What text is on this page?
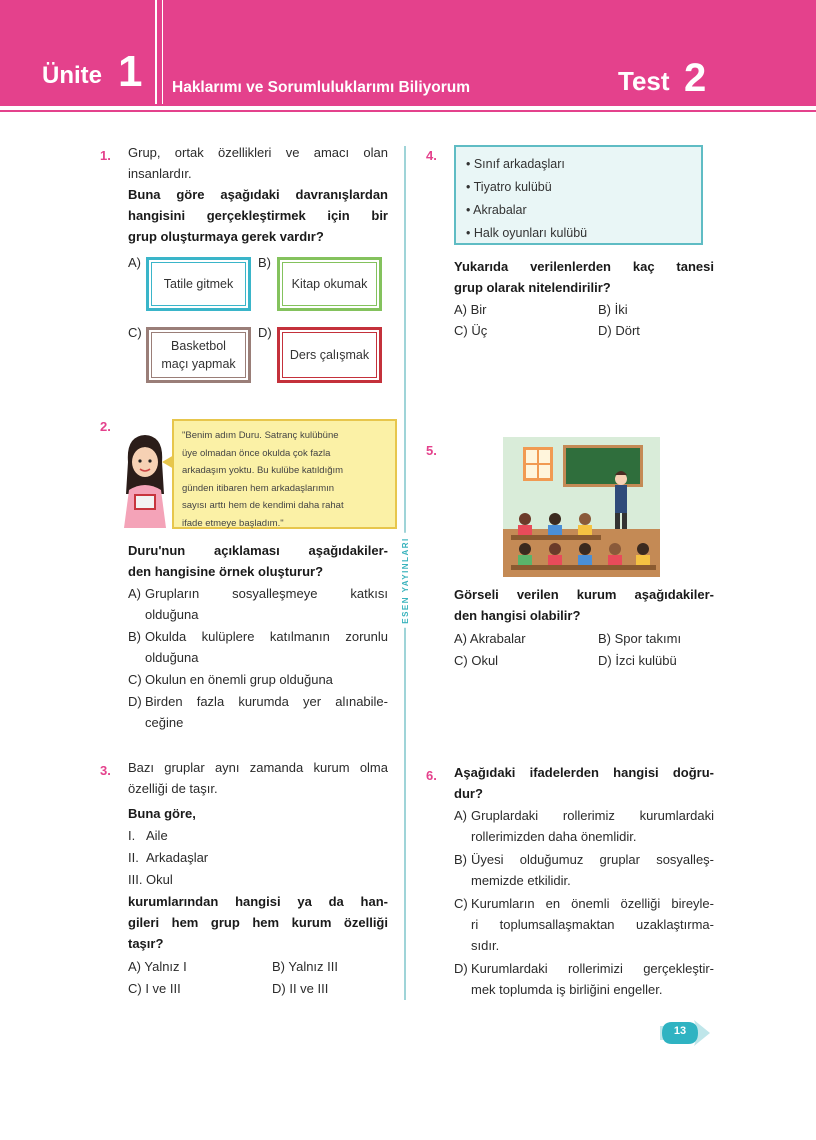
Ünite 1 Haklarımı ve Sorumluluklarımı Biliyorum	Test 2
ESEN YAYINLARI
1. Grup, ortak özellikleri ve amacı olan
insanlardır.
Buna göre aşağıdaki davranışlardan
hangisini gerçekleştirmek için bir
grup oluşturmaya gerek vardır?
A)
Tatile gitmek
B)
Kitap okumak
C)
Basketbol
maçı yapmak
D)
Ders çalışmak
2.
"Benim adım Duru. Satranç kulübüne
üye olmadan önce okulda çok fazla
arkadaşım yoktu. Bu kulübe katıldığım
günden itibaren hem arkadaşlarımın
sayısı arttı hem de kendimi daha rahat
ifade etmeye başladım."
Duru'nun açıklaması aşağıdakiler-
den hangisine örnek oluşturur?
A) Grupların sosyalleşmeye katkısı
olduğuna
B) Okulda kulüplere katılmanın zorunlu
olduğuna
C) Okulun en önemli grup olduğuna
D) Birden fazla kurumda yer alınabile-
ceğine
3. Bazı gruplar aynı zamanda kurum olma
özelliği de taşır.
Buna göre,
I. Aile
II. Arkadaşlar
III. Okul
kurumlarından hangisi ya da han-
gileri hem grup hem kurum özelliği
taşır?
A) Yalnız I	B) Yalnız III
C) I ve III	D) II ve III
4.
• Sınıf arkadaşları
• Tiyatro kulübü
• Akrabalar
• Halk oyunları kulübü
Yukarıda verilenlerden kaç tanesi
grup olarak nitelendirilir?
A) Bir	B) İki
C) Üç	D) Dört
5.
Görseli verilen kurum aşağıdakiler-
den hangisi olabilir?
A) Akrabalar	B) Spor takımı
C) Okul	D) İzci kulübü
6. Aşağıdaki ifadelerden hangisi doğru-
dur?
A) Gruplardaki rollerimiz kurumlardaki
rollerimizden daha önemlidir.
B) Üyesi olduğumuz gruplar sosyalleş-
memizde etkilidir.
C) Kurumların en önemli özelliği bireyle-
ri toplumsallaşmaktan uzaklaştırma-
sıdır.
D) Kurumlardaki rollerimizi gerçekleştir-
mek toplumda iş birliğini engeller.
13
